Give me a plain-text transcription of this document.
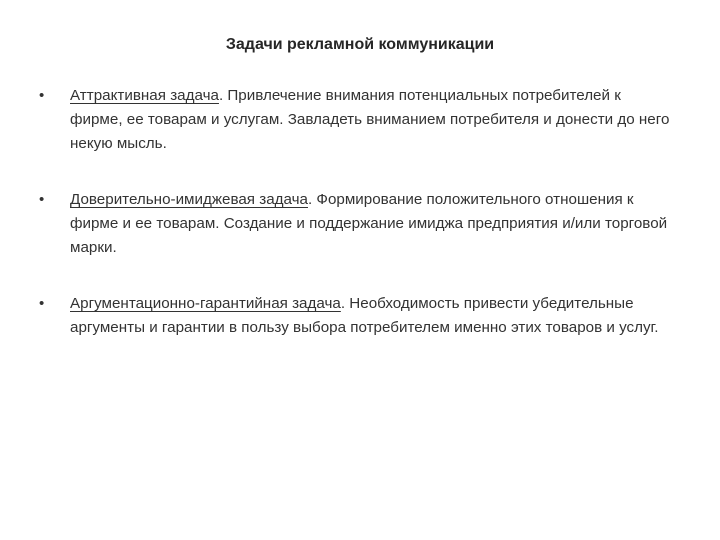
Задачи рекламной коммуникации
• Аттрактивная задача. Привлечение внимания потенциальных потребителей к фирме, ее товарам и услугам. Завладеть вниманием потребителя и донести до него некую мысль.
• Доверительно-имиджевая задача. Формирование положительного отношения к фирме и ее товарам. Создание и поддержание имиджа предприятия и/или торговой марки.
• Аргументационно-гарантийная задача. Необходимость привести убедительные аргументы и гарантии в пользу выбора потребителем именно этих товаров и услуг.
